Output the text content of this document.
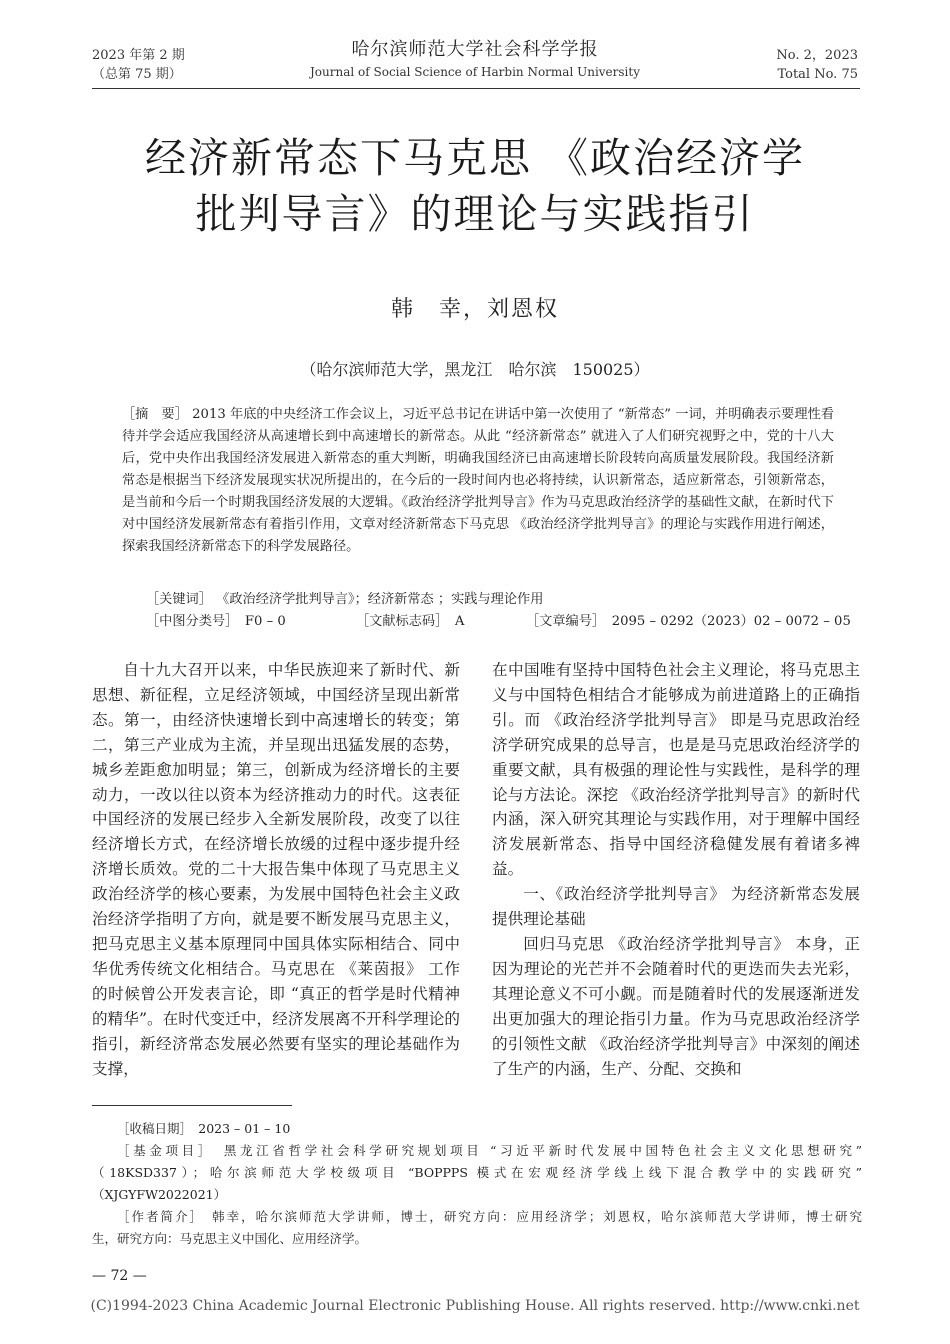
2023 年第 2 期
（总第 75 期）
哈尔滨师范大学社会科学学报
Journal of Social Science of Harbin Normal University
No. 2，2023
Total No. 75
经济新常态下马克思 《政治经济学
批判导言》的理论与实践指引
韩　幸，刘恩权
（哈尔滨师范大学，黑龙江　哈尔滨　150025）
［摘　要］ 2013 年底的中央经济工作会议上，习近平总书记在讲话中第一次使用了 “新常态” 一词，并明确表示要理性看待并学会适应我国经济从高速增长到中高速增长的新常态。从此 “经济新常态” 就进入了人们研究视野之中，党的十八大后，党中央作出我国经济发展进入新常态的重大判断，明确我国经济已由高速增长阶段转向高质量发展阶段。我国经济新常态是根据当下经济发展现实状况所提出的，在今后的一段时间内也必将持续，认识新常态，适应新常态，引领新常态，是当前和今后一个时期我国经济发展的大逻辑。《政治经济学批判导言》作为马克思政治经济学的基础性文献，在新时代下对中国经济发展新常态有着指引作用，文章对经济新常态下马克思 《政治经济学批判导言》的理论与实践作用进行阐述，探索我国经济新常态下的科学发展路径。
［关键词］ 《政治经济学批判导言》；经济新常态 ；实践与理论作用
［中图分类号］　 F0 – 0	［文献标志码］　 A	［文章编号］　 2095 – 0292（2023）02 – 0072 – 05

自十九大召开以来，中华民族迎来了新时代、新思想、新征程，立足经济领域，中国经济呈现出新常态。第一，由经济快速增长到中高速增长的转变；第二，第三产业成为主流，并呈现出迅猛发展的态势，城乡差距愈加明显；第三，创新成为经济增长的主要动力，一改以往以资本为经济推动力的时代。这表征中国经济的发展已经步入全新发展阶段，改变了以往经济增长方式，在经济增长放缓的过程中逐步提升经济增长质效。党的二十大报告集中体现了马克思主义政治经济学的核心要素，为发展中国特色社会主义政治经济学指明了方向，就是要不断发展马克思主义，把马克思主义基本原理同中国具体实际相结合、同中华优秀传统文化相结合。马克思在 《莱茵报》 工作的时候曾公开发表言论，即 “真正的哲学是时代精神的精华”。在时代变迁中，经济发展离不开科学理论的指引，新经济常态发展必然要有坚实的理论基础作为支撑，

在中国唯有坚持中国特色社会主义理论，将马克思主义与中国特色相结合才能够成为前进道路上的正确指引。而 《政治经济学批判导言》 即是马克思政治经济学研究成果的总导言，也是是马克思政治经济学的重要文献，具有极强的理论性与实践性，是科学的理论与方法论。深挖 《政治经济学批判导言》的新时代内涵，深入研究其理论与实践作用，对于理解中国经济发展新常态、指导中国经济稳健发展有着诸多裨益。

一、《政治经济学批判导言》 为经济新常态发展提供理论基础

回归马克思 《政治经济学批判导言》 本身，正因为理论的光芒并不会随着时代的更迭而失去光彩，其理论意义不可小觑。而是随着时代的发展逐渐迸发出更加强大的理论指引力量。作为马克思政治经济学的引领性文献 《政治经济学批判导言》中深刻的阐述了生产的内涵，生产、分配、交换和

［收稿日期］　2023 – 01 – 10

［基金项目］　黑龙江省哲学社会科学研究规划项目 “习近平新时代发展中国特色社会主义文化思想研究”

（18KSD337）；哈尔滨师范大学校级项目 “BOPPPS 模式在宏观经济学线上线下混合教学中的实践研究”

（XJGYFW2022021）

［作者简介］　韩幸，哈尔滨师范大学讲师，博士，研究方向：应用经济学；刘恩权，哈尔滨师范大学讲师，博士研究

生，研究方向：马克思主义中国化、应用经济学。

— 72 —
(C)1994-2023 China Academic Journal Electronic Publishing House. All rights reserved. http://www.cnki.net
